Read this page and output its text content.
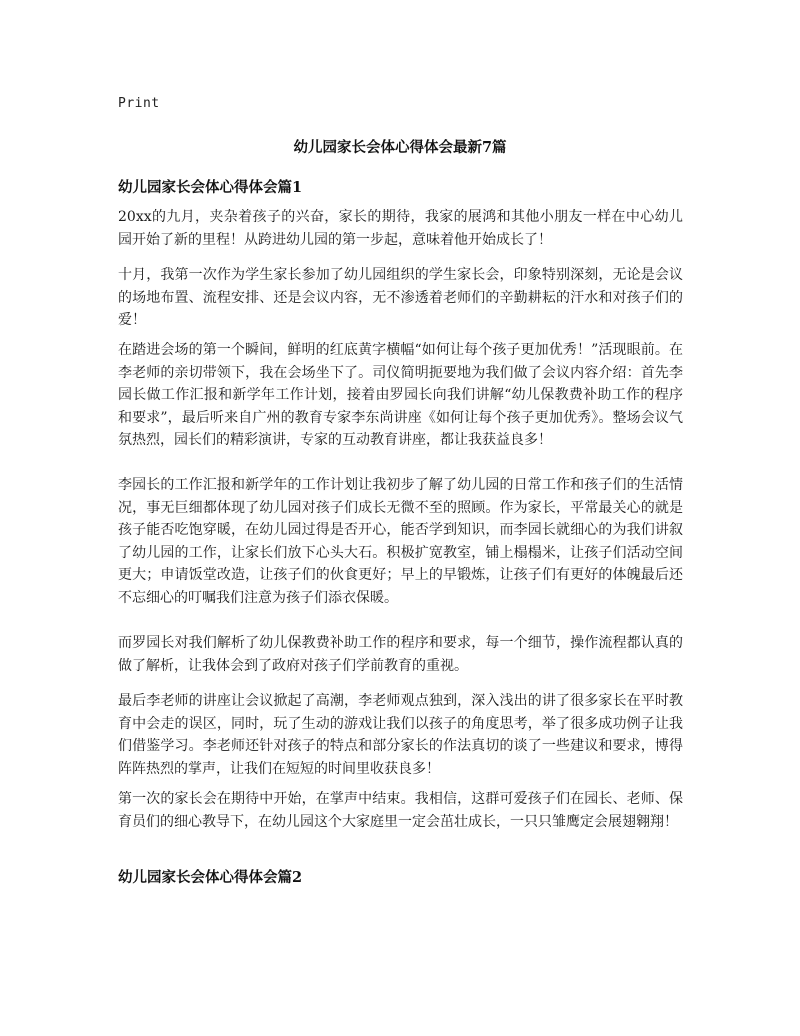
Print
幼儿园家长会体心得体会最新7篇
幼儿园家长会体心得体会篇1

20xx的九月，夹杂着孩子的兴奋，家长的期待，我家的展鸿和其他小朋友一样在中心幼儿园开始了新的里程！从跨进幼儿园的第一步起，意味着他开始成长了！

十月，我第一次作为学生家长参加了幼儿园组织的学生家长会，印象特别深刻，无论是会议的场地布置、流程安排、还是会议内容，无不渗透着老师们的辛勤耕耘的汗水和对孩子们的爱！

在踏进会场的第一个瞬间，鲜明的红底黄字横幅“如何让每个孩子更加优秀！”活现眼前。在李老师的亲切带领下，我在会场坐下了。司仪简明扼要地为我们做了会议内容介绍：首先李园长做工作汇报和新学年工作计划，接着由罗园长向我们讲解“幼儿保教费补助工作的程序和要求”，最后听来自广州的教育专家李东尚讲座《如何让每个孩子更加优秀》。整场会议气氛热烈，园长们的精彩演讲，专家的互动教育讲座，都让我获益良多！

李园长的工作汇报和新学年的工作计划让我初步了解了幼儿园的日常工作和孩子们的生活情况，事无巨细都体现了幼儿园对孩子们成长无微不至的照顾。作为家长，平常最关心的就是孩子能否吃饱穿暖，在幼儿园过得是否开心，能否学到知识，而李园长就细心的为我们讲叙了幼儿园的工作，让家长们放下心头大石。积极扩宽教室，铺上榻榻米，让孩子们活动空间更大；申请饭堂改造，让孩子们的伙食更好；早上的早锻炼，让孩子们有更好的体魄最后还不忘细心的叮嘱我们注意为孩子们添衣保暖。

而罗园长对我们解析了幼儿保教费补助工作的程序和要求，每一个细节，操作流程都认真的做了解析，让我体会到了政府对孩子们学前教育的重视。

最后李老师的讲座让会议掀起了高潮，李老师观点独到，深入浅出的讲了很多家长在平时教育中会走的误区，同时，玩了生动的游戏让我们以孩子的角度思考，举了很多成功例子让我们借鉴学习。李老师还针对孩子的特点和部分家长的作法真切的谈了一些建议和要求，博得阵阵热烈的掌声，让我们在短短的时间里收获良多！

第一次的家长会在期待中开始，在掌声中结束。我相信，这群可爱孩子们在园长、老师、保育员们的细心教导下，在幼儿园这个大家庭里一定会茁壮成长，一只只雏鹰定会展翅翱翔！

幼儿园家长会体心得体会篇2
